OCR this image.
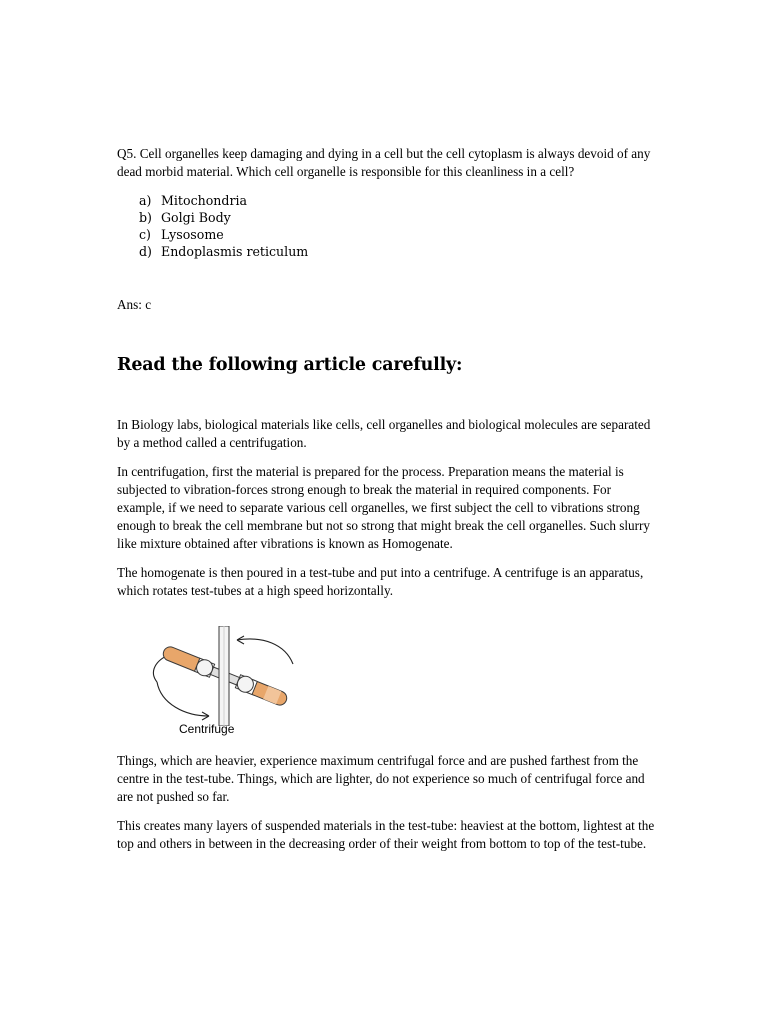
Q5. Cell organelles keep damaging and dying in a cell but the cell cytoplasm is always devoid of any dead morbid material. Which cell organelle is responsible for this cleanliness in a cell?

a) Mitochondria
b) Golgi Body
c) Lysosome
d) Endoplasmis reticulum

Ans: c

Read the following article carefully:

In Biology labs, biological materials like cells, cell organelles and biological molecules are separated by a method called a centrifugation.

In centrifugation, first the material is prepared for the process. Preparation means the material is subjected to vibration-forces strong enough to break the material in required components. For example, if we need to separate various cell organelles, we first subject the cell to vibrations strong enough to break the cell membrane but not so strong that might break the cell organelles. Such slurry like mixture obtained after vibrations is known as Homogenate.

The homogenate is then poured in a test-tube and put into a centrifuge. A centrifuge is an apparatus, which rotates test-tubes at a high speed horizontally.

Centrifuge

Things, which are heavier, experience maximum centrifugal force and are pushed farthest from the centre in the test-tube. Things, which are lighter, do not experience so much of centrifugal force and are not pushed so far.

This creates many layers of suspended materials in the test-tube: heaviest at the bottom, lightest at the top and others in between in the decreasing order of their weight from bottom to top of the test-tube.
